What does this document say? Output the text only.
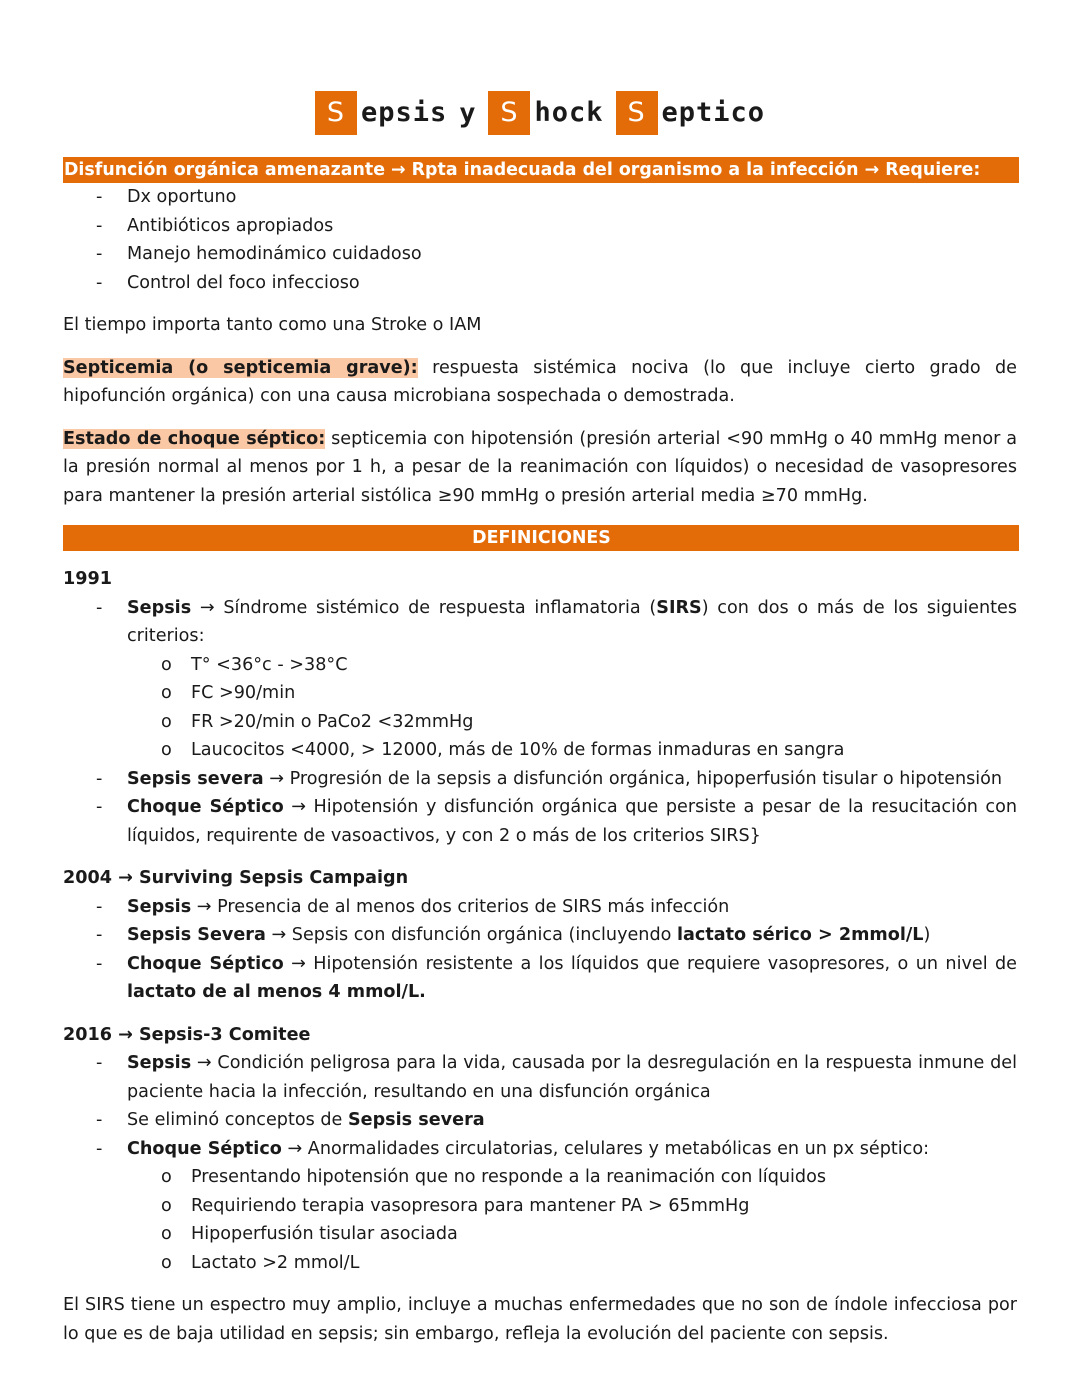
S epsis y S hock S eptico
Disfunción orgánica amenazante → Rpta inadecuada del organismo a la infección → Requiere:
- Dx oportuno
- Antibióticos apropiados
- Manejo hemodinámico cuidadoso
- Control del foco infeccioso
El tiempo importa tanto como una Stroke o IAM
Septicemia (o septicemia grave): respuesta sistémica nociva (lo que incluye cierto grado de hipofunción orgánica) con una causa microbiana sospechada o demostrada.
Estado de choque séptico: septicemia con hipotensión (presión arterial <90 mmHg o 40 mmHg menor a la presión normal al menos por 1 h, a pesar de la reanimación con líquidos) o necesidad de vasopresores para mantener la presión arterial sistólica ≥90 mmHg o presión arterial media ≥70 mmHg.
DEFINICIONES
1991
- Sepsis → Síndrome sistémico de respuesta inflamatoria (SIRS) con dos o más de los siguientes criterios:
o T° <36°c - >38°C
o FC >90/min
o FR >20/min o PaCo2 <32mmHg
o Laucocitos <4000, > 12000, más de 10% de formas inmaduras en sangra
- Sepsis severa → Progresión de la sepsis a disfunción orgánica, hipoperfusión tisular o hipotensión
- Choque Séptico → Hipotensión y disfunción orgánica que persiste a pesar de la resucitación con líquidos, requirente de vasoactivos, y con 2 o más de los criterios SIRS}
2004 → Surviving Sepsis Campaign
- Sepsis → Presencia de al menos dos criterios de SIRS más infección
- Sepsis Severa → Sepsis con disfunción orgánica (incluyendo lactato sérico > 2mmol/L)
- Choque Séptico → Hipotensión resistente a los líquidos que requiere vasopresores, o un nivel de lactato de al menos 4 mmol/L.
2016 → Sepsis-3 Comitee
- Sepsis → Condición peligrosa para la vida, causada por la desregulación en la respuesta inmune del paciente hacia la infección, resultando en una disfunción orgánica
- Se eliminó conceptos de Sepsis severa
- Choque Séptico → Anormalidades circulatorias, celulares y metabólicas en un px séptico:
o Presentando hipotensión que no responde a la reanimación con líquidos
o Requiriendo terapia vasopresora para mantener PA > 65mmHg
o Hipoperfusión tisular asociada
o Lactato >2 mmol/L
El SIRS tiene un espectro muy amplio, incluye a muchas enfermedades que no son de índole infecciosa por lo que es de baja utilidad en sepsis; sin embargo, refleja la evolución del paciente con sepsis.
